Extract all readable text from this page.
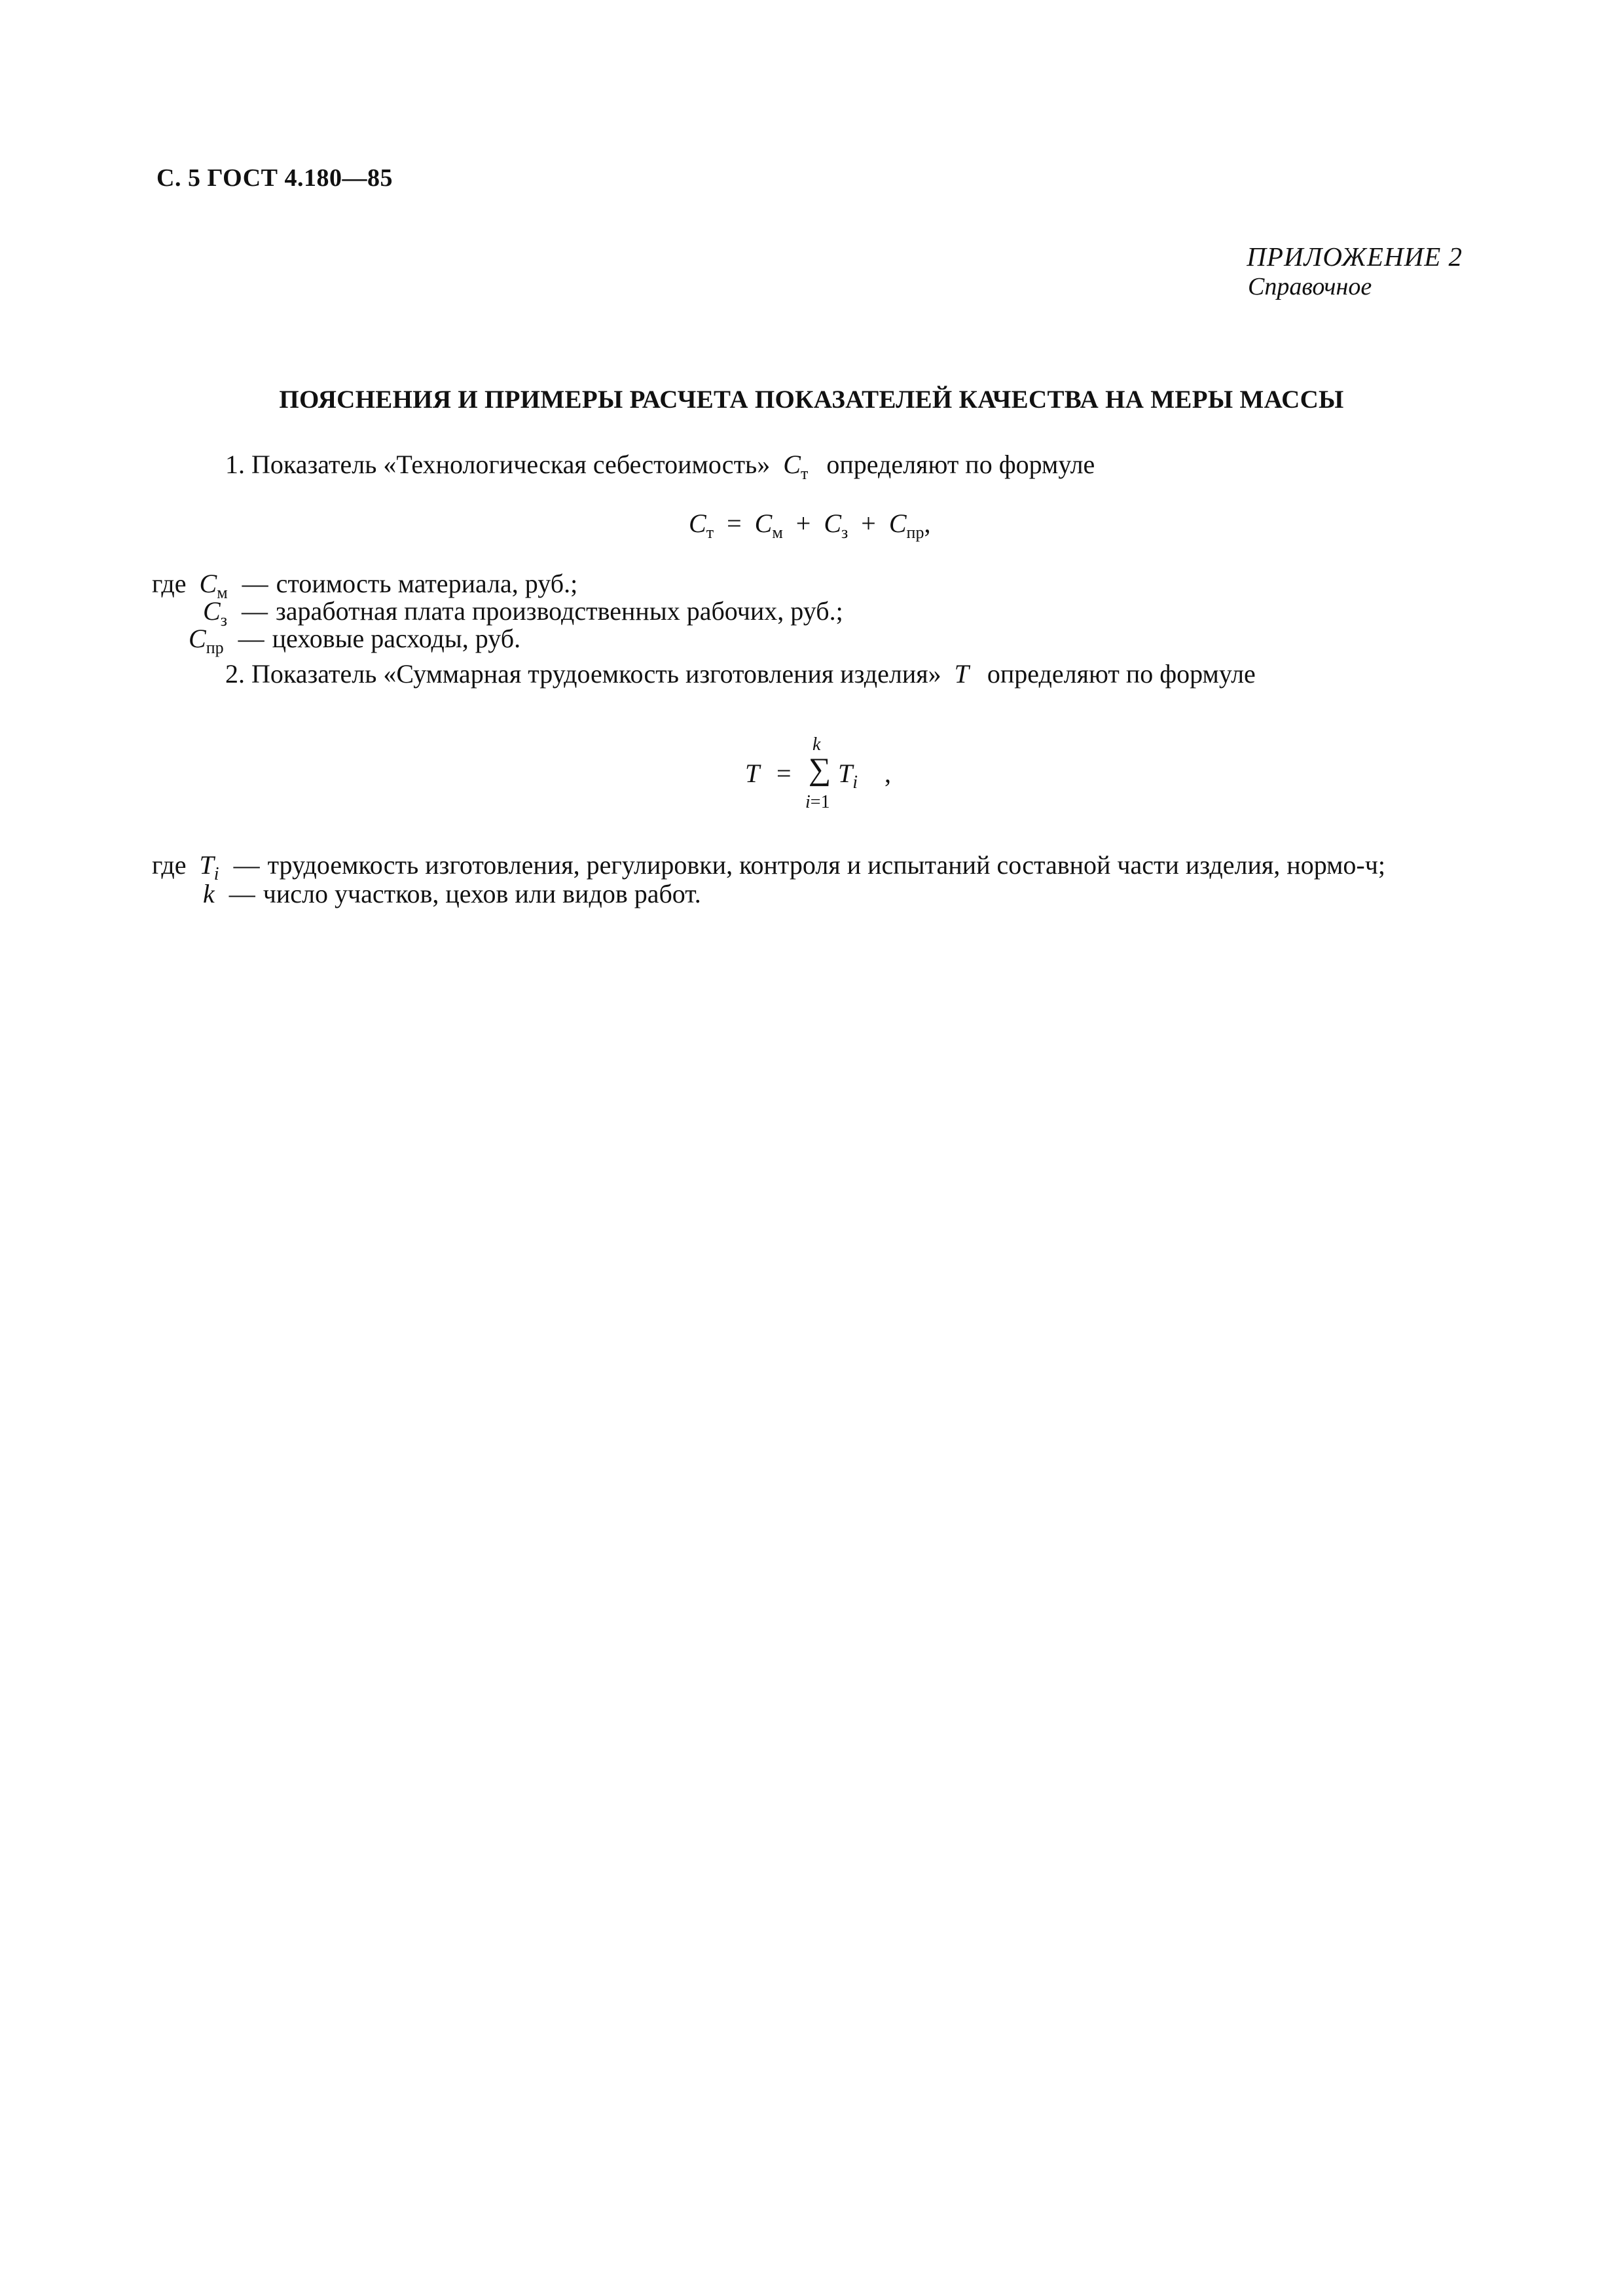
С. 5 ГОСТ 4.180—85
ПРИЛОЖЕНИЕ 2
Справочное
ПОЯСНЕНИЯ И ПРИМЕРЫ РАСЧЕТА ПОКАЗАТЕЛЕЙ КАЧЕСТВА НА МЕРЫ МАССЫ
1. Показатель «Технологическая себестоимость» $С_т$ определяют по формуле
$С_т = С_м + С_з + С_{пр}$,
где $С_м$ — стоимость материала, руб.;
$С_з$ — заработная плата производственных рабочих, руб.;
$С_{пр}$ — цеховые расходы, руб.
2. Показатель «Суммарная трудоемкость изготовления изделия» Т определяют по формуле
T =
k
∑
i=1
$T_i$ ,
где $T_i$ — трудоемкость изготовления, регулировки, контроля и испытаний составной части изделия, нормо-ч;
k — число участков, цехов или видов работ.
